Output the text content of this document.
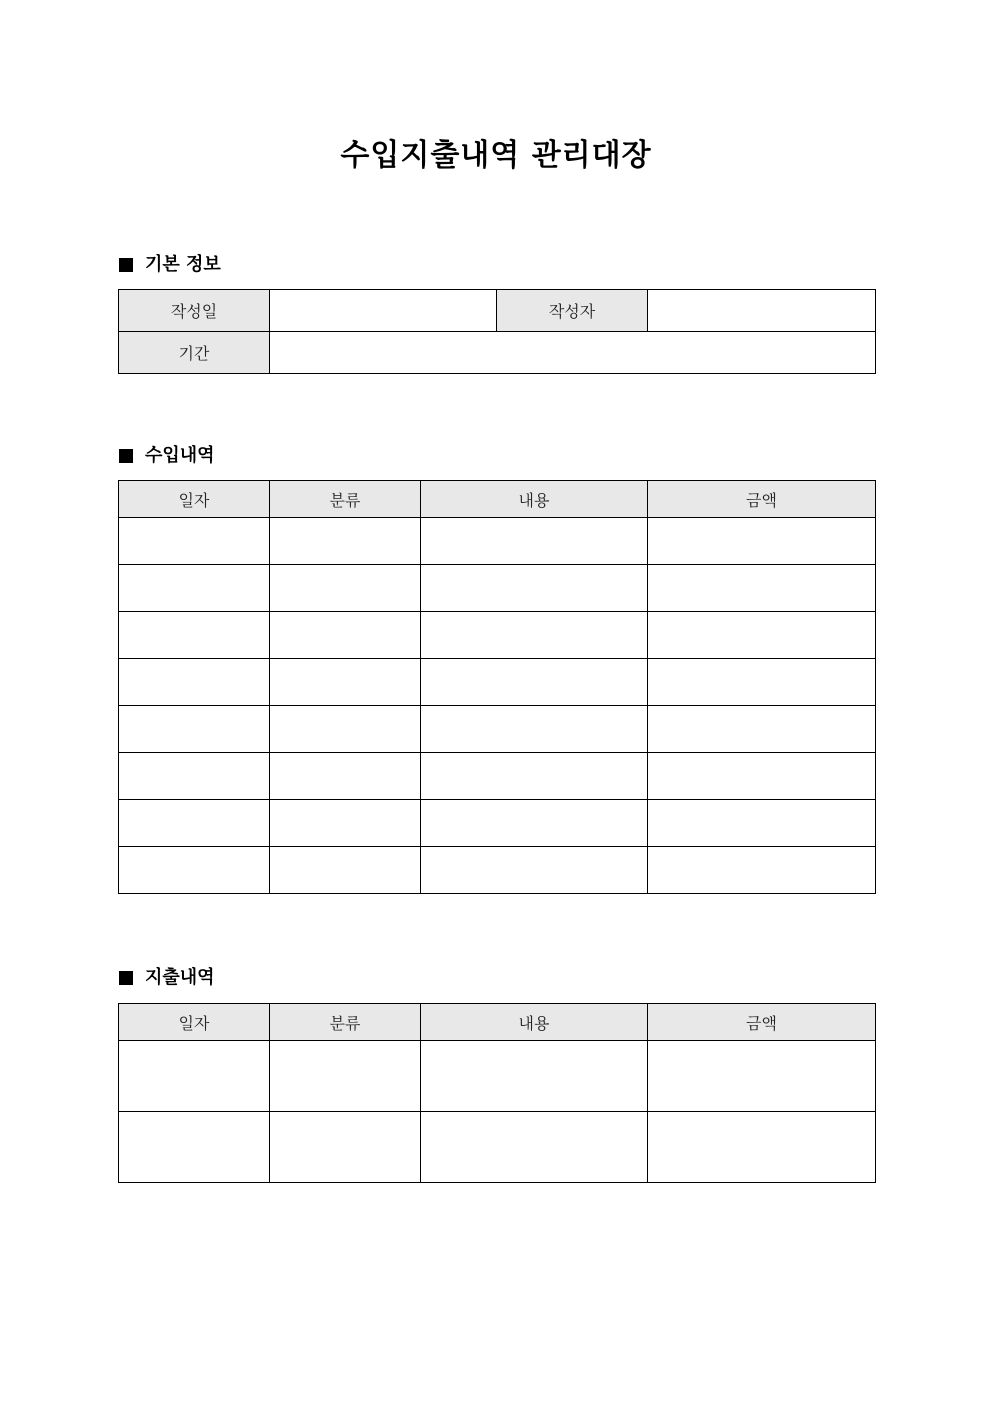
수입지출내역 관리대장
기본 정보
작성일		작성자	
기간			
수입내역
일자	분류	내용	금액

지출내역
일자	분류	내용	금액
